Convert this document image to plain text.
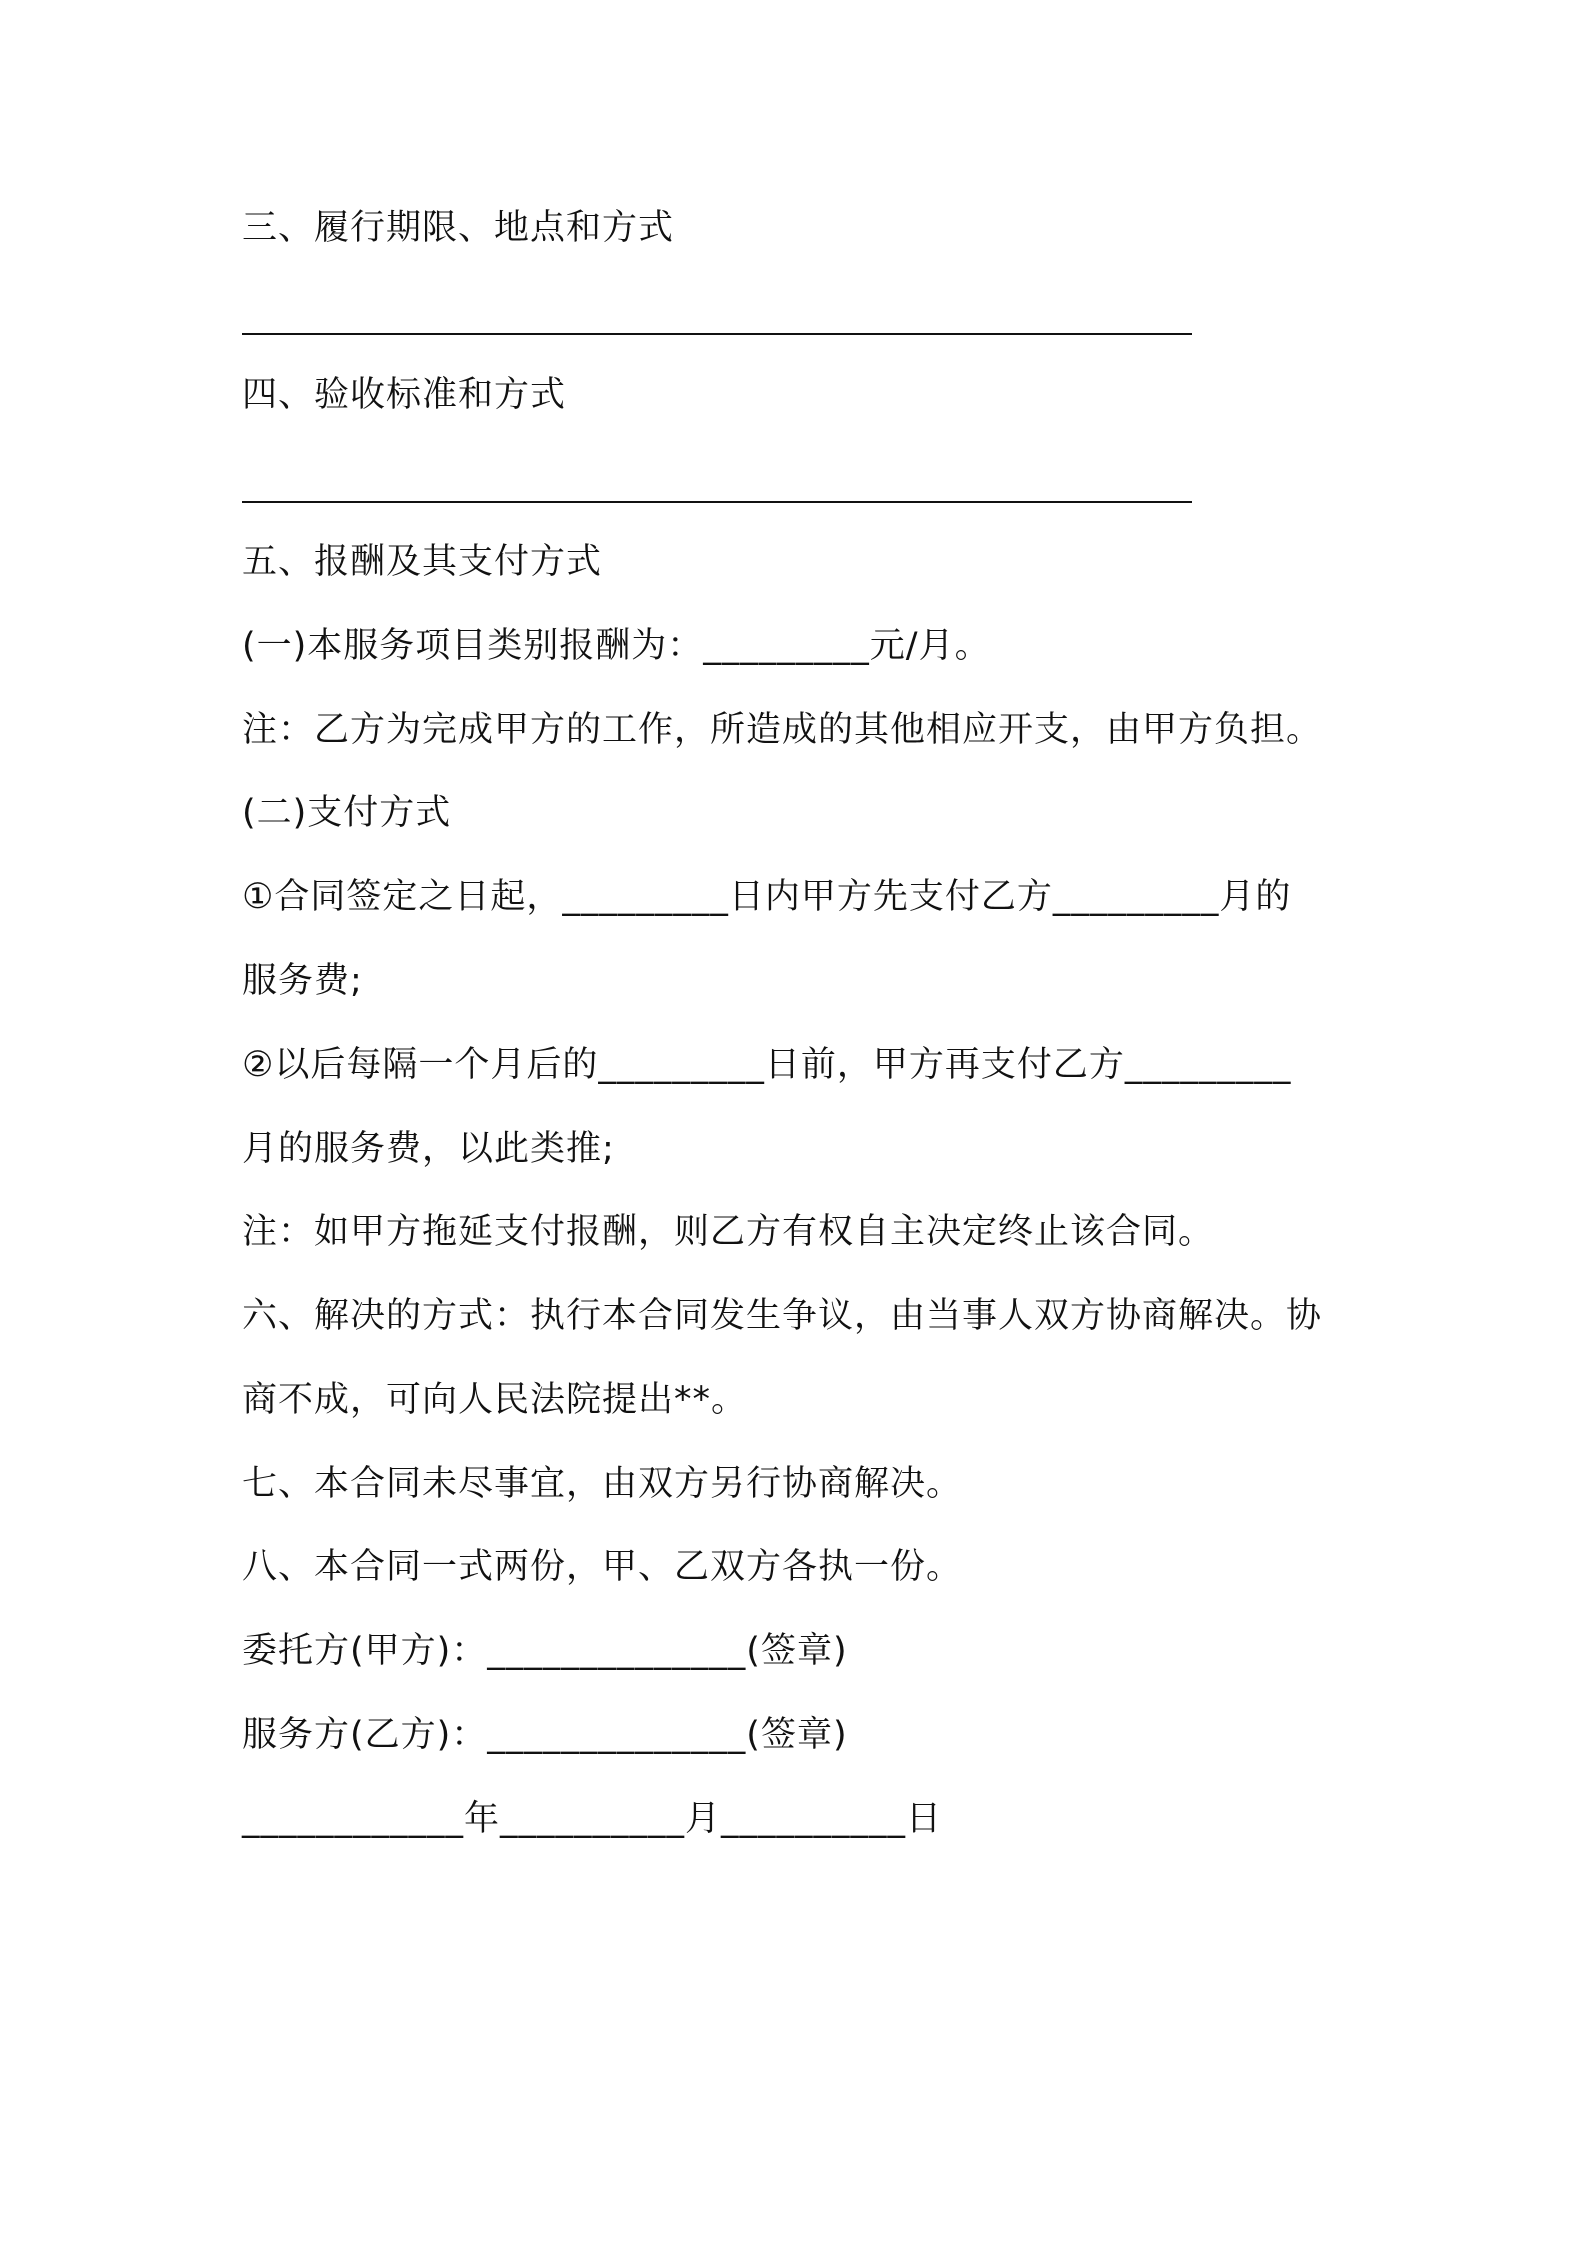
三、履行期限、地点和方式
四、验收标准和方式
五、报酬及其支付方式
(一)本服务项目类别报酬为：_________元/月。
注：乙方为完成甲方的工作，所造成的其他相应开支，由甲方负担。
(二)支付方式
①合同签定之日起，_________日内甲方先支付乙方_________月的
服务费;
②以后每隔一个月后的_________日前，甲方再支付乙方_________
月的服务费，以此类推;
注：如甲方拖延支付报酬，则乙方有权自主决定终止该合同。
六、解决的方式：执行本合同发生争议，由当事人双方协商解决。协
商不成，可向人民法院提出**。
七、本合同未尽事宜，由双方另行协商解决。
八、本合同一式两份，甲、乙双方各执一份。
委托方(甲方)：______________(签章)
服务方(乙方)：______________(签章)
____________年__________月__________日
